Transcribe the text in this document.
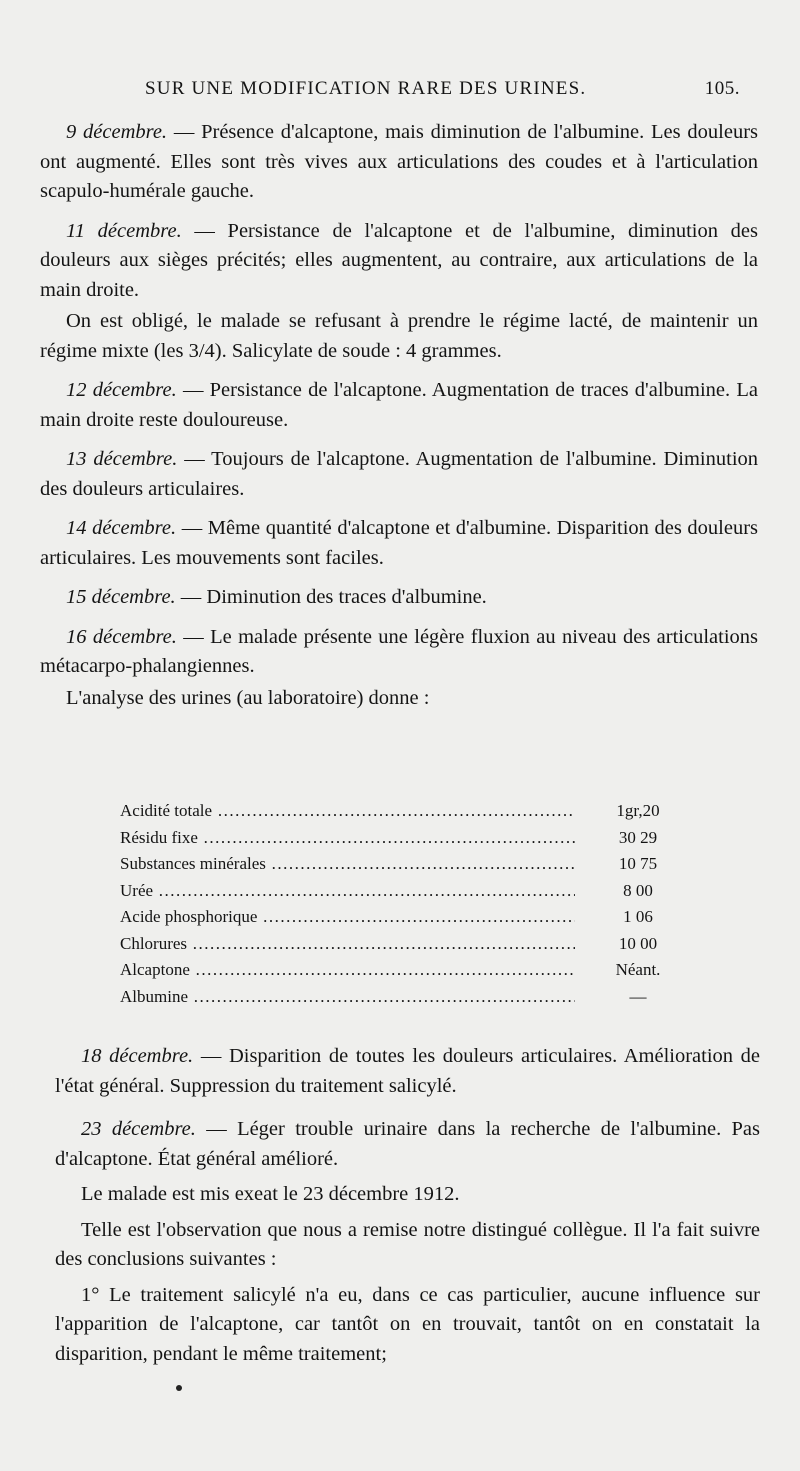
SUR UNE MODIFICATION RARE DES URINES.	105.

9 décembre. — Présence d'alcaptone, mais diminution de l'albumine. Les douleurs ont augmenté. Elles sont très vives aux articulations des coudes et à l'articulation scapulo-humérale gauche.

11 décembre. — Persistance de l'alcaptone et de l'albumine, diminution des douleurs aux sièges précités; elles augmentent, au contraire, aux articulations de la main droite.

On est obligé, le malade se refusant à prendre le régime lacté, de maintenir un régime mixte (les 3/4). Salicylate de soude : 4 grammes.

12 décembre. — Persistance de l'alcaptone. Augmentation de traces d'albumine. La main droite reste douloureuse.

13 décembre. — Toujours de l'alcaptone. Augmentation de l'albumine. Diminution des douleurs articulaires.

14 décembre. — Même quantité d'alcaptone et d'albumine. Disparition des douleurs articulaires. Les mouvements sont faciles.

15 décembre. — Diminution des traces d'albumine.

16 décembre. — Le malade présente une légère fluxion au niveau des articulations métacarpo-phalangiennes.

L'analyse des urines (au laboratoire) donne :

Acidité totale .....	1gr,20
Résidu fixe .....	30 29
Substances minérales .....	10 75
Urée .....	8 00
Acide phosphorique .....	1 06
Chlorures .....	10 00
Alcaptone .....	Néant.
Albumine .....	—

18 décembre. — Disparition de toutes les douleurs articulaires. Amélioration de l'état général. Suppression du traitement salicylé.

23 décembre. — Léger trouble urinaire dans la recherche de l'albumine. Pas d'alcaptone. État général amélioré.

Le malade est mis exeat le 23 décembre 1912.

Telle est l'observation que nous a remise notre distingué collègue. Il l'a fait suivre des conclusions suivantes :

1° Le traitement salicylé n'a eu, dans ce cas particulier, aucune influence sur l'apparition de l'alcaptone, car tantôt on en trouvait, tantôt on en constatait la disparition, pendant le même traitement;
